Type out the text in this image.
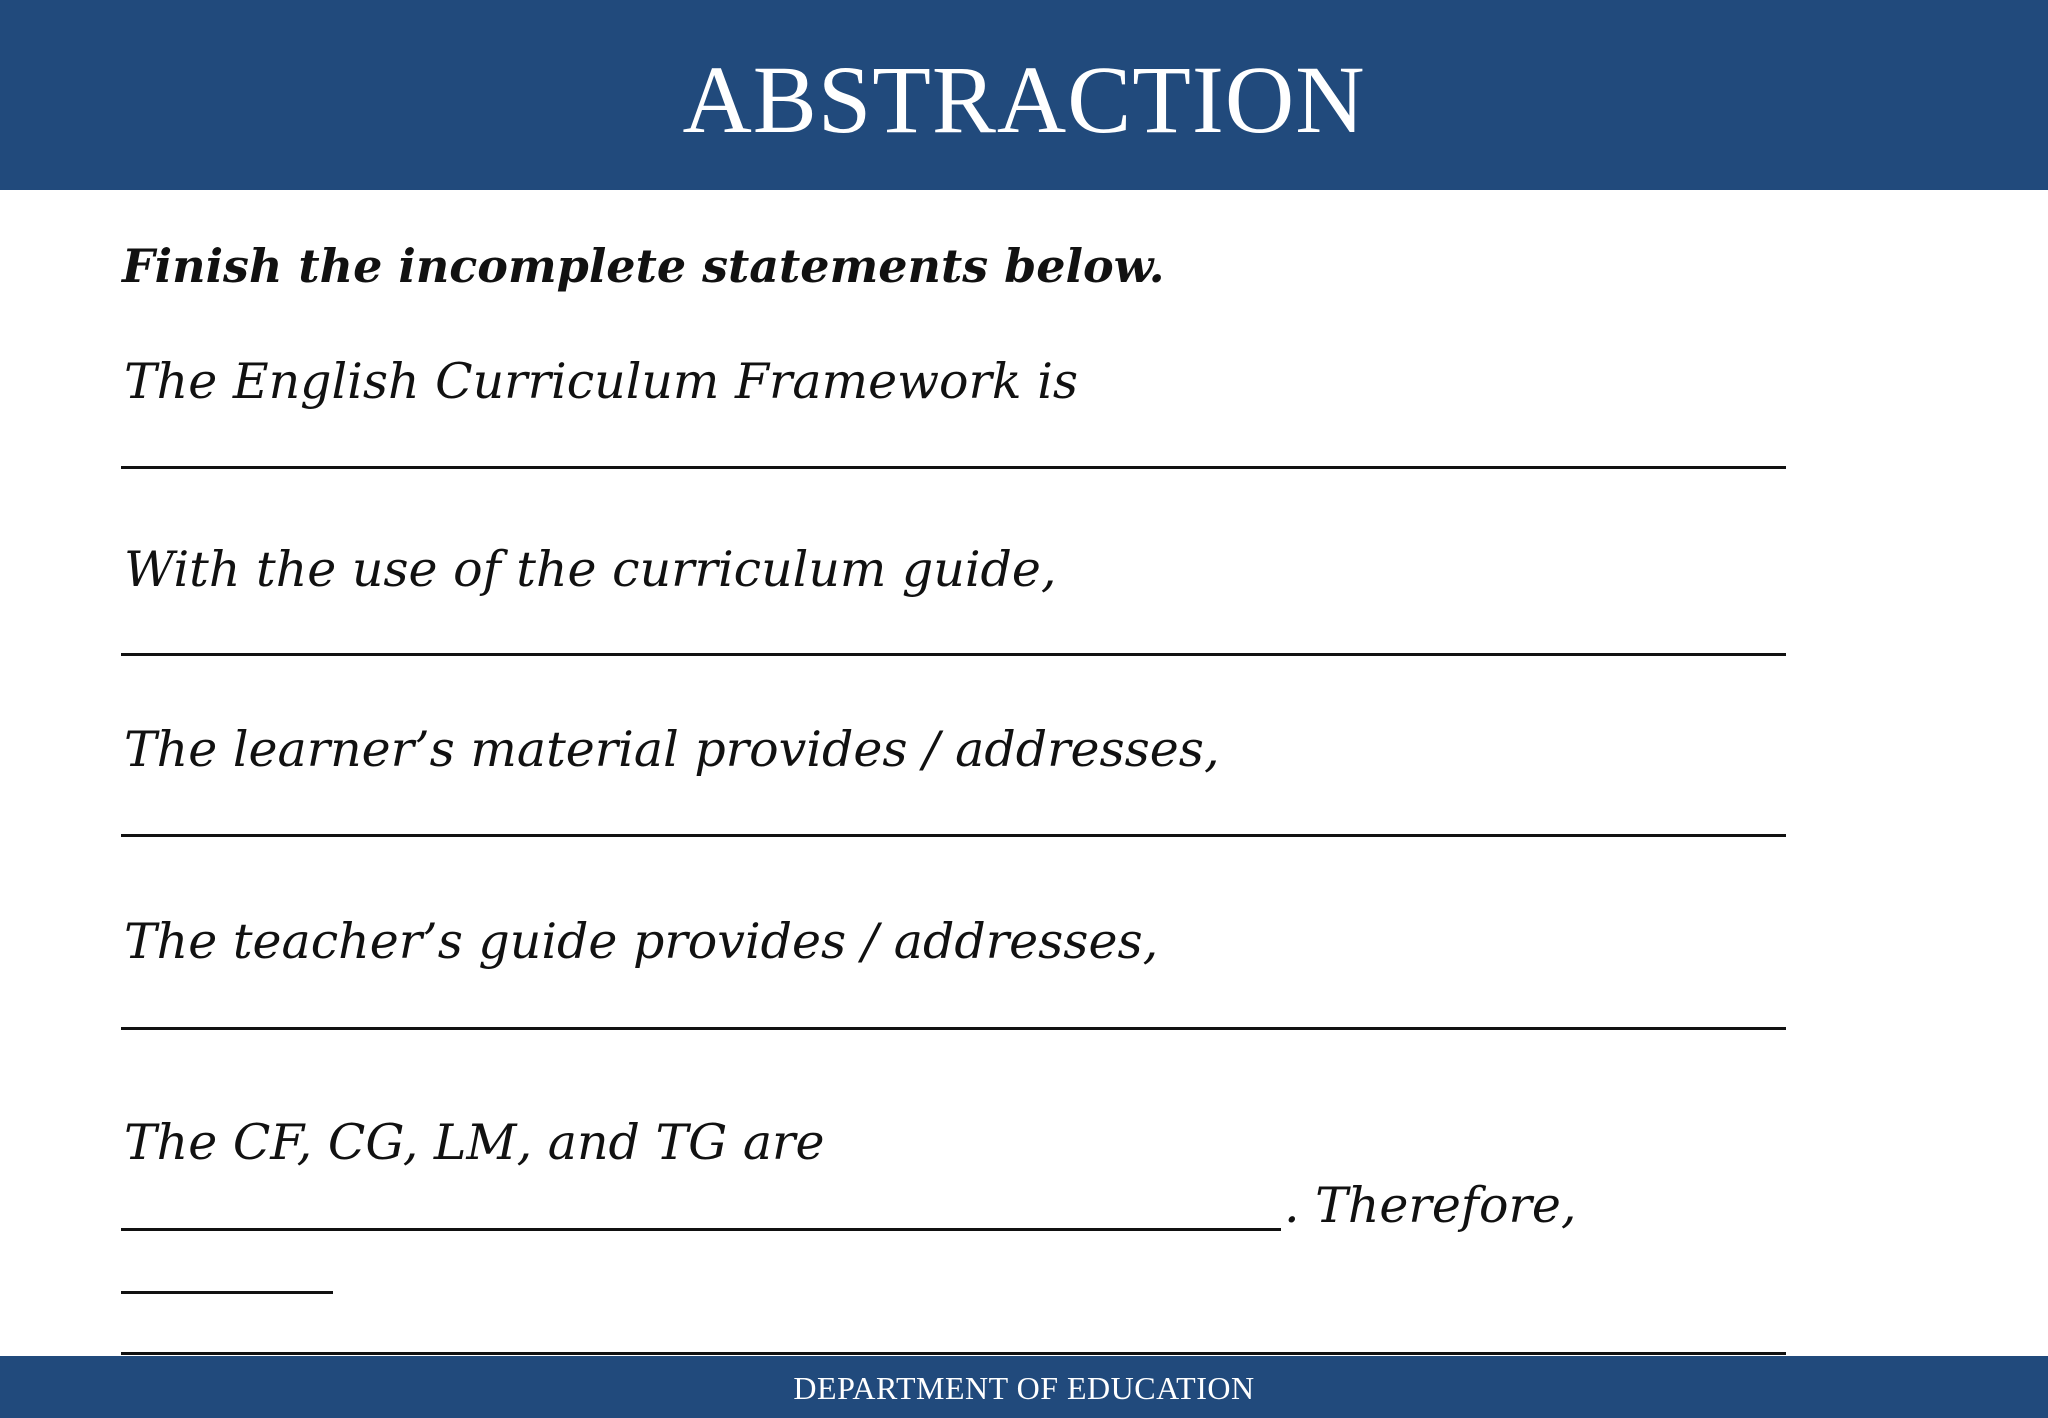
ABSTRACTION
Finish the incomplete statements below.
The English Curriculum Framework is
With the use of the curriculum guide,
The learner’s material provides / addresses,
The teacher’s guide provides / addresses,
The CF, CG, LM, and TG are
. Therefore,
DEPARTMENT OF EDUCATION
